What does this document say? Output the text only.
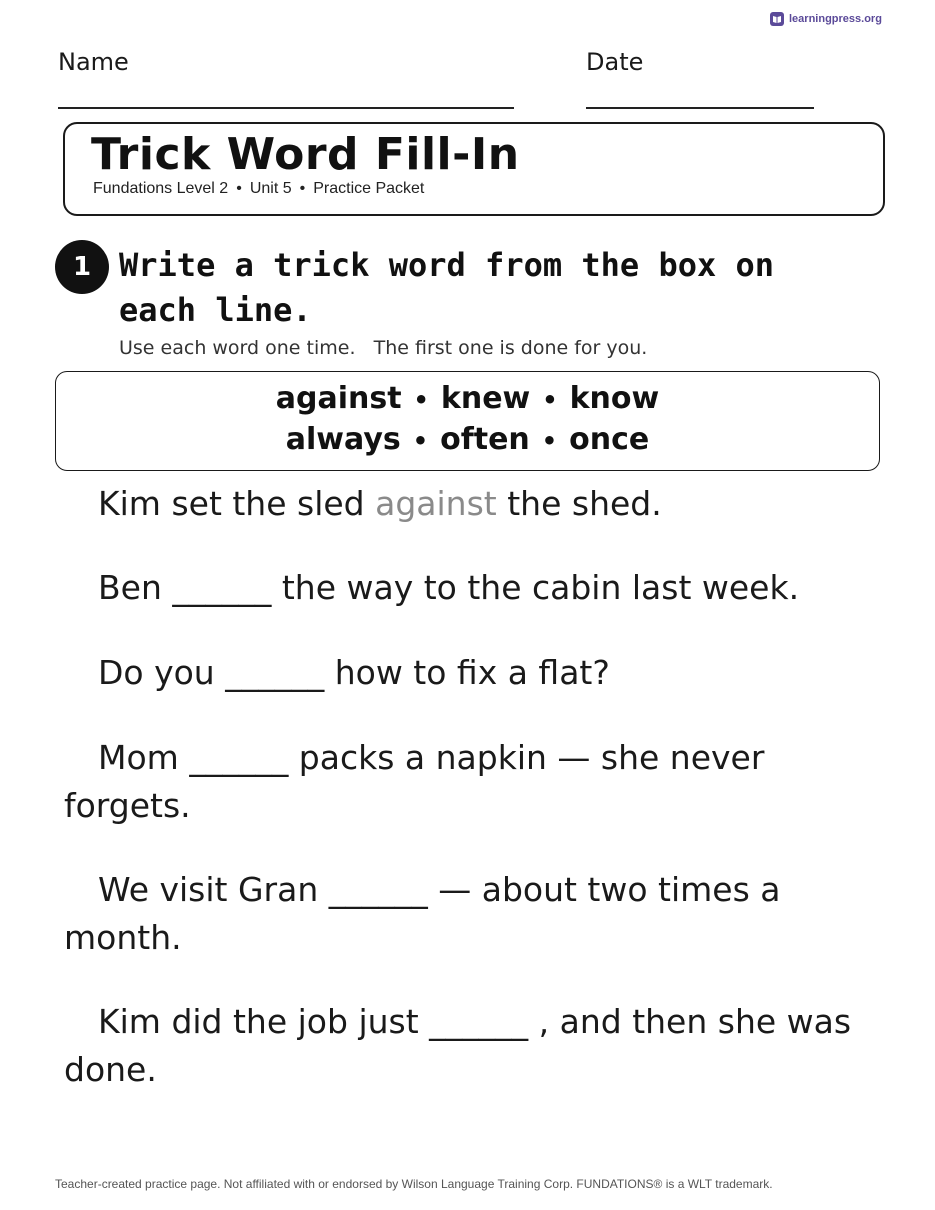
learningpress.org
Name	Date
Trick Word Fill-In
Fundations Level 2 • Unit 5 • Practice Packet
1 Write a trick word from the box on each line.
Use each word one time.   The first one is done for you.
against • knew • know
always • often • once
Kim set the sled against the shed.
Ben ______ the way to the cabin last week.
Do you ______ how to fix a flat?
Mom ______ packs a napkin — she never forgets.
We visit Gran ______ — about two times a month.
Kim did the job just ______ , and then she was done.
Teacher-created practice page. Not affiliated with or endorsed by Wilson Language Training Corp. FUNDATIONS® is a WLT trademark.
